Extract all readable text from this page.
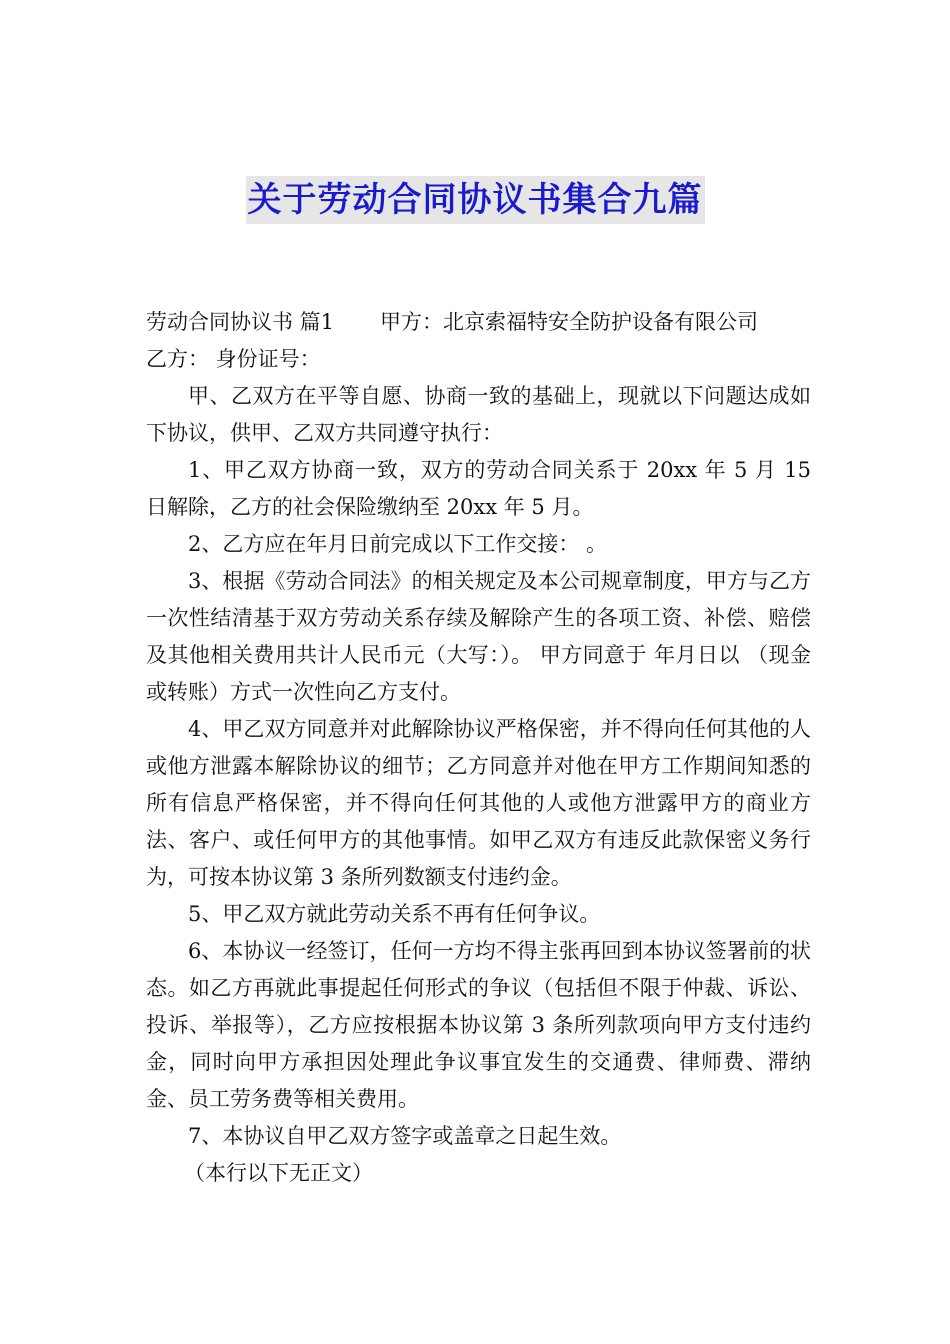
关于劳动合同协议书集合九篇

劳动合同协议书 篇1 甲方：北京索福特安全防护设备有限公司

乙方： 身份证号：

甲、乙双方在平等自愿、协商一致的基础上，现就以下问题达成如下协议，供甲、乙双方共同遵守执行：

1、甲乙双方协商一致，双方的劳动合同关系于 20xx 年 5 月 15 日解除，乙方的社会保险缴纳至 20xx 年 5 月。

2、乙方应在年月日前完成以下工作交接： 。

3、根据《劳动合同法》的相关规定及本公司规章制度，甲方与乙方一次性结清基于双方劳动关系存续及解除产生的各项工资、补偿、赔偿及其他相关费用共计人民币元（大写：）。 甲方同意于 年月日以 （现金或转账）方式一次性向乙方支付。

4、甲乙双方同意并对此解除协议严格保密，并不得向任何其他的人或他方泄露本解除协议的细节；乙方同意并对他在甲方工作期间知悉的所有信息严格保密，并不得向任何其他的人或他方泄露甲方的商业方法、客户、或任何甲方的其他事情。如甲乙双方有违反此款保密义务行为，可按本协议第 3 条所列数额支付违约金。

5、甲乙双方就此劳动关系不再有任何争议。

6、本协议一经签订，任何一方均不得主张再回到本协议签署前的状态。如乙方再就此事提起任何形式的争议（包括但不限于仲裁、诉讼、投诉、举报等），乙方应按根据本协议第 3 条所列款项向甲方支付违约金，同时向甲方承担因处理此争议事宜发生的交通费、律师费、滞纳金、员工劳务费等相关费用。

7、本协议自甲乙双方签字或盖章之日起生效。

（本行以下无正文）
